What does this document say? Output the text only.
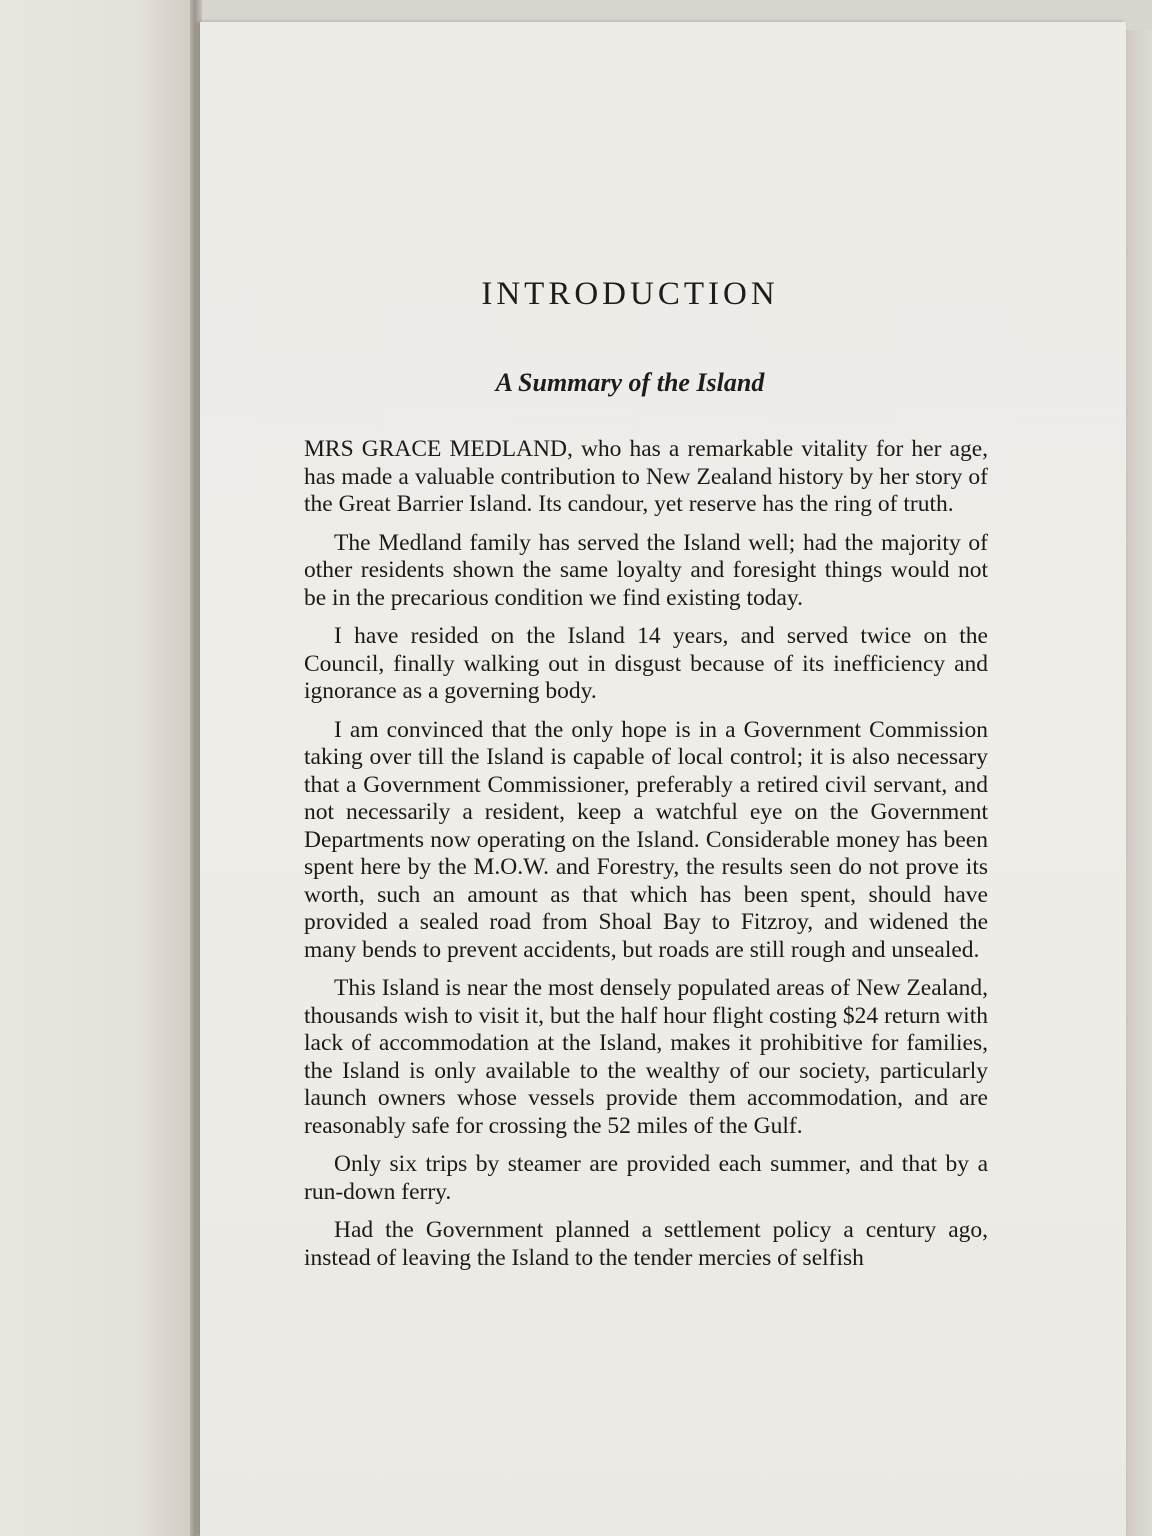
INTRODUCTION
A Summary of the Island

MRS GRACE MEDLAND, who has a remarkable vitality for her age, has made a valuable contribution to New Zealand history by her story of the Great Barrier Island. Its candour, yet reserve has the ring of truth.

The Medland family has served the Island well; had the majority of other residents shown the same loyalty and foresight things would not be in the precarious condition we find existing today.

I have resided on the Island 14 years, and served twice on the Council, finally walking out in disgust because of its inefficiency and ignorance as a governing body.

I am convinced that the only hope is in a Government Commission taking over till the Island is capable of local control; it is also necessary that a Government Commissioner, preferably a retired civil servant, and not necessarily a resident, keep a watchful eye on the Government Departments now operating on the Island. Considerable money has been spent here by the M.O.W. and Forestry, the results seen do not prove its worth, such an amount as that which has been spent, should have provided a sealed road from Shoal Bay to Fitzroy, and widened the many bends to prevent accidents, but roads are still rough and unsealed.

This Island is near the most densely populated areas of New Zealand, thousands wish to visit it, but the half hour flight costing $24 return with lack of accommodation at the Island, makes it prohibitive for families, the Island is only available to the wealthy of our society, particularly launch owners whose vessels provide them accommodation, and are reasonably safe for crossing the 52 miles of the Gulf.

Only six trips by steamer are provided each summer, and that by a run-down ferry.

Had the Government planned a settlement policy a century ago, instead of leaving the Island to the tender mercies of selfish
